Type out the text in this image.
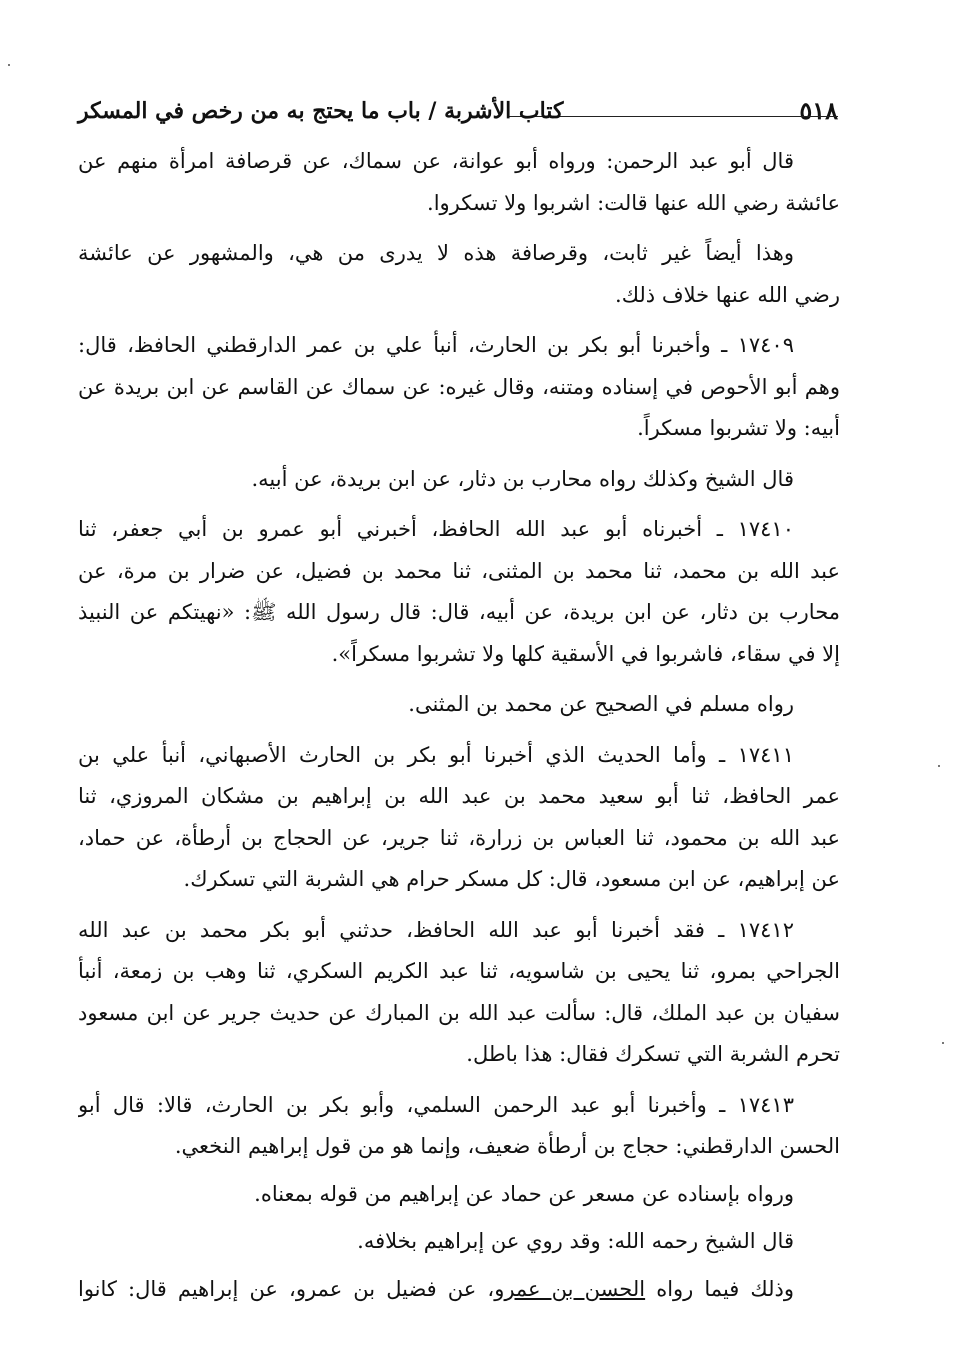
٥١٨
كتاب الأشربة / باب ما يحتج به من رخص في المسكر

قال أبو عبد الرحمن: ورواه أبو عوانة، عن سماك، عن قرصافة امرأة منهم عن
عائشة رضي الله عنها قالت: اشربوا ولا تسكروا.

وهذا أيضاً غير ثابت، وقرصافة هذه لا يدرى من هي، والمشهور عن عائشة
رضي الله عنها خلاف ذلك.

١٧٤٠٩ ـ وأخبرنا أبو بكر بن الحارث، أنبأ علي بن عمر الدارقطني الحافظ، قال:
وهم أبو الأحوص في إسناده ومتنه، وقال غيره: عن سماك عن القاسم عن ابن بريدة عن
أبيه: ولا تشربوا مسكراً.

قال الشيخ وكذلك رواه محارب بن دثار، عن ابن بريدة، عن أبيه.

١٧٤١٠ ـ أخبرناه أبو عبد الله الحافظ، أخبرني أبو عمرو بن أبي جعفر، ثنا
عبد الله بن محمد، ثنا محمد بن المثنى، ثنا محمد بن فضيل، عن ضرار بن مرة، عن
محارب بن دثار، عن ابن بريدة، عن أبيه، قال: قال رسول الله ﷺ: «نهيتكم عن النبيذ
إلا في سقاء، فاشربوا في الأسقية كلها ولا تشربوا مسكراً».

رواه مسلم في الصحيح عن محمد بن المثنى.

١٧٤١١ ـ وأما الحديث الذي أخبرنا أبو بكر بن الحارث الأصبهاني، أنبأ علي بن
عمر الحافظ، ثنا أبو سعيد محمد بن عبد الله بن إبراهيم بن مشكان المروزي، ثنا
عبد الله بن محمود، ثنا العباس بن زرارة، ثنا جرير، عن الحجاج بن أرطأة، عن حماد،
عن إبراهيم، عن ابن مسعود، قال: كل مسكر حرام هي الشربة التي تسكرك.

١٧٤١٢ ـ فقد أخبرنا أبو عبد الله الحافظ، حدثني أبو بكر محمد بن عبد الله
الجراحي بمرو، ثنا يحيى بن شاسويه، ثنا عبد الكريم السكري، ثنا وهب بن زمعة، أنبأ
سفيان بن عبد الملك، قال: سألت عبد الله بن المبارك عن حديث جرير عن ابن مسعود
تحرم الشربة التي تسكرك فقال: هذا باطل.

١٧٤١٣ ـ وأخبرنا أبو عبد الرحمن السلمي، وأبو بكر بن الحارث، قالا: قال أبو
الحسن الدارقطني: حجاج بن أرطأة ضعيف، وإنما هو من قول إبراهيم النخعي.

ورواه بإسناده عن مسعر عن حماد عن إبراهيم من قوله بمعناه.

قال الشيخ رحمه الله: وقد روي عن إبراهيم بخلافه.

وذلك فيما رواه الحسن بن عمرو، عن فضيل بن عمرو، عن إبراهيم قال: كانوا
